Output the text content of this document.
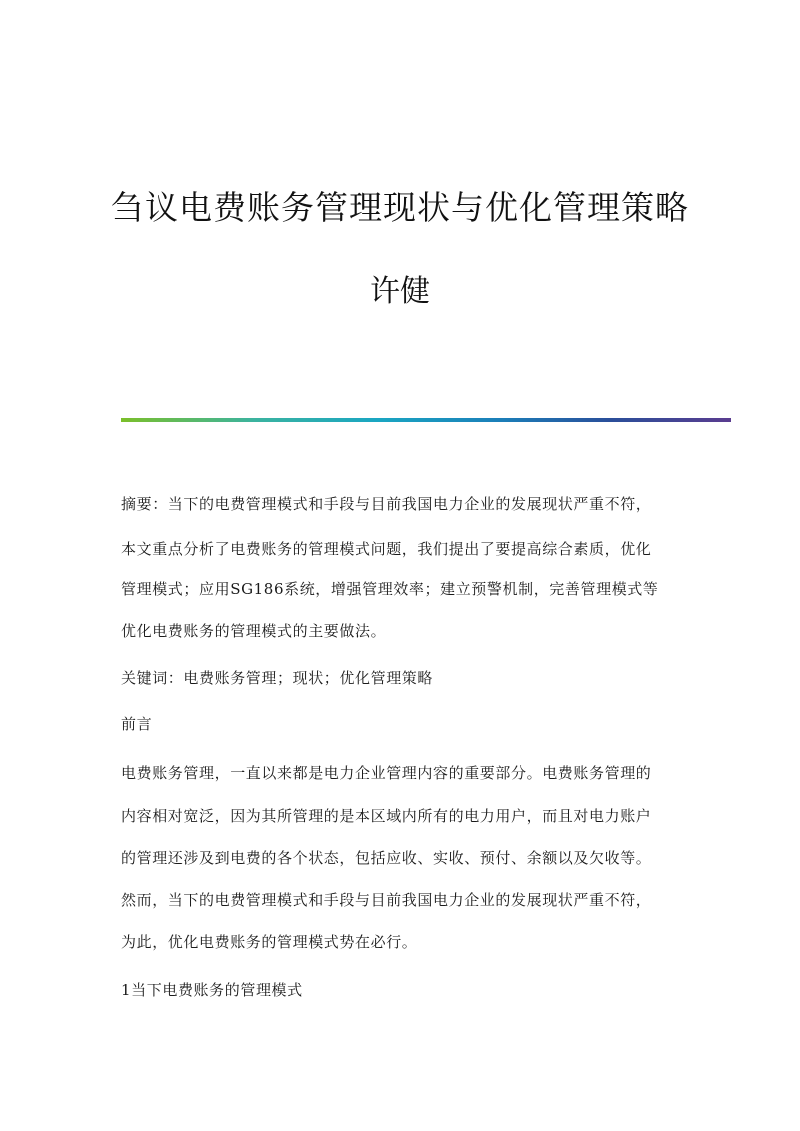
刍议电费账务管理现状与优化管理策略
许健
摘要：当下的电费管理模式和手段与目前我国电力企业的发展现状严重不符，
本文重点分析了电费账务的管理模式问题，我们提出了要提高综合素质，优化
管理模式；应用SG186系统，增强管理效率；建立预警机制，完善管理模式等
优化电费账务的管理模式的主要做法。
关键词：电费账务管理；现状；优化管理策略
前言
电费账务管理，一直以来都是电力企业管理内容的重要部分。电费账务管理的
内容相对宽泛，因为其所管理的是本区域内所有的电力用户，而且对电力账户
的管理还涉及到电费的各个状态，包括应收、实收、预付、余额以及欠收等。
然而，当下的电费管理模式和手段与目前我国电力企业的发展现状严重不符，
为此，优化电费账务的管理模式势在必行。
1当下电费账务的管理模式
